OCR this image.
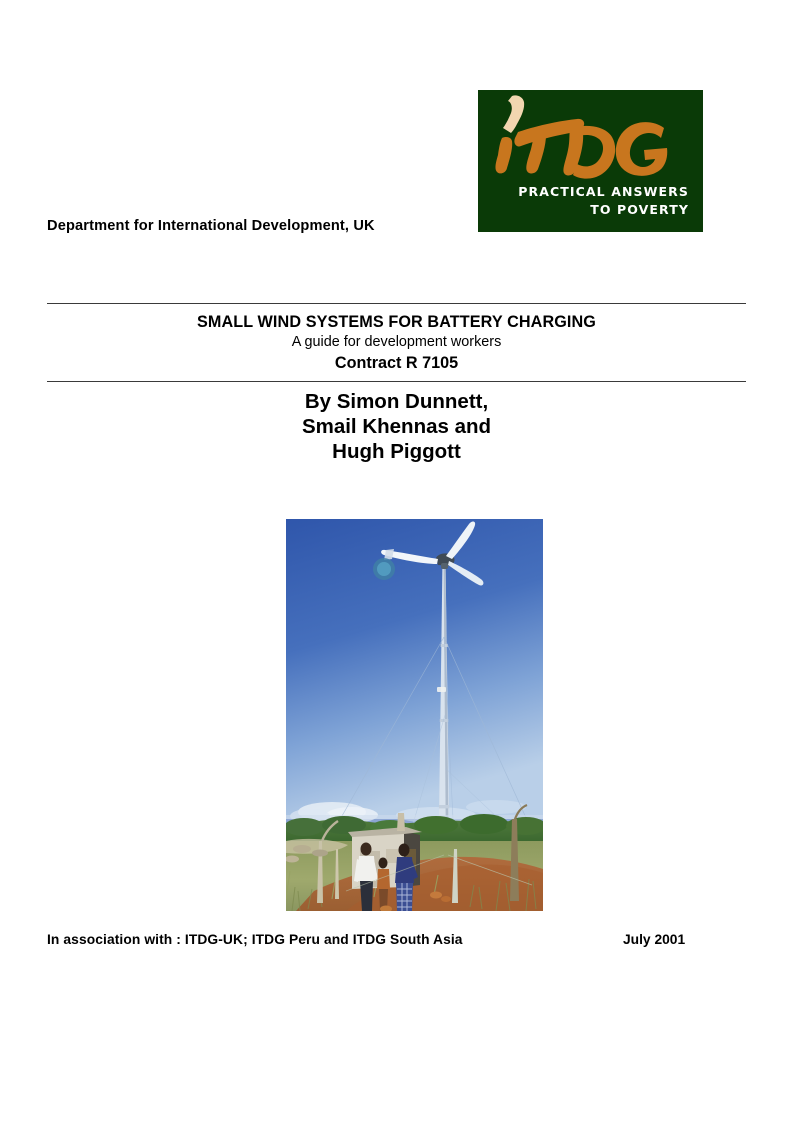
PRACTICAL ANSWERS
TO POVERTY
Department for International Development, UK
SMALL WIND SYSTEMS FOR BATTERY CHARGING
A guide for development workers
Contract R 7105
By Simon Dunnett,
Smail Khennas and
Hugh Piggott
In association with : ITDG-UK; ITDG Peru and ITDG South Asia	July 2001
